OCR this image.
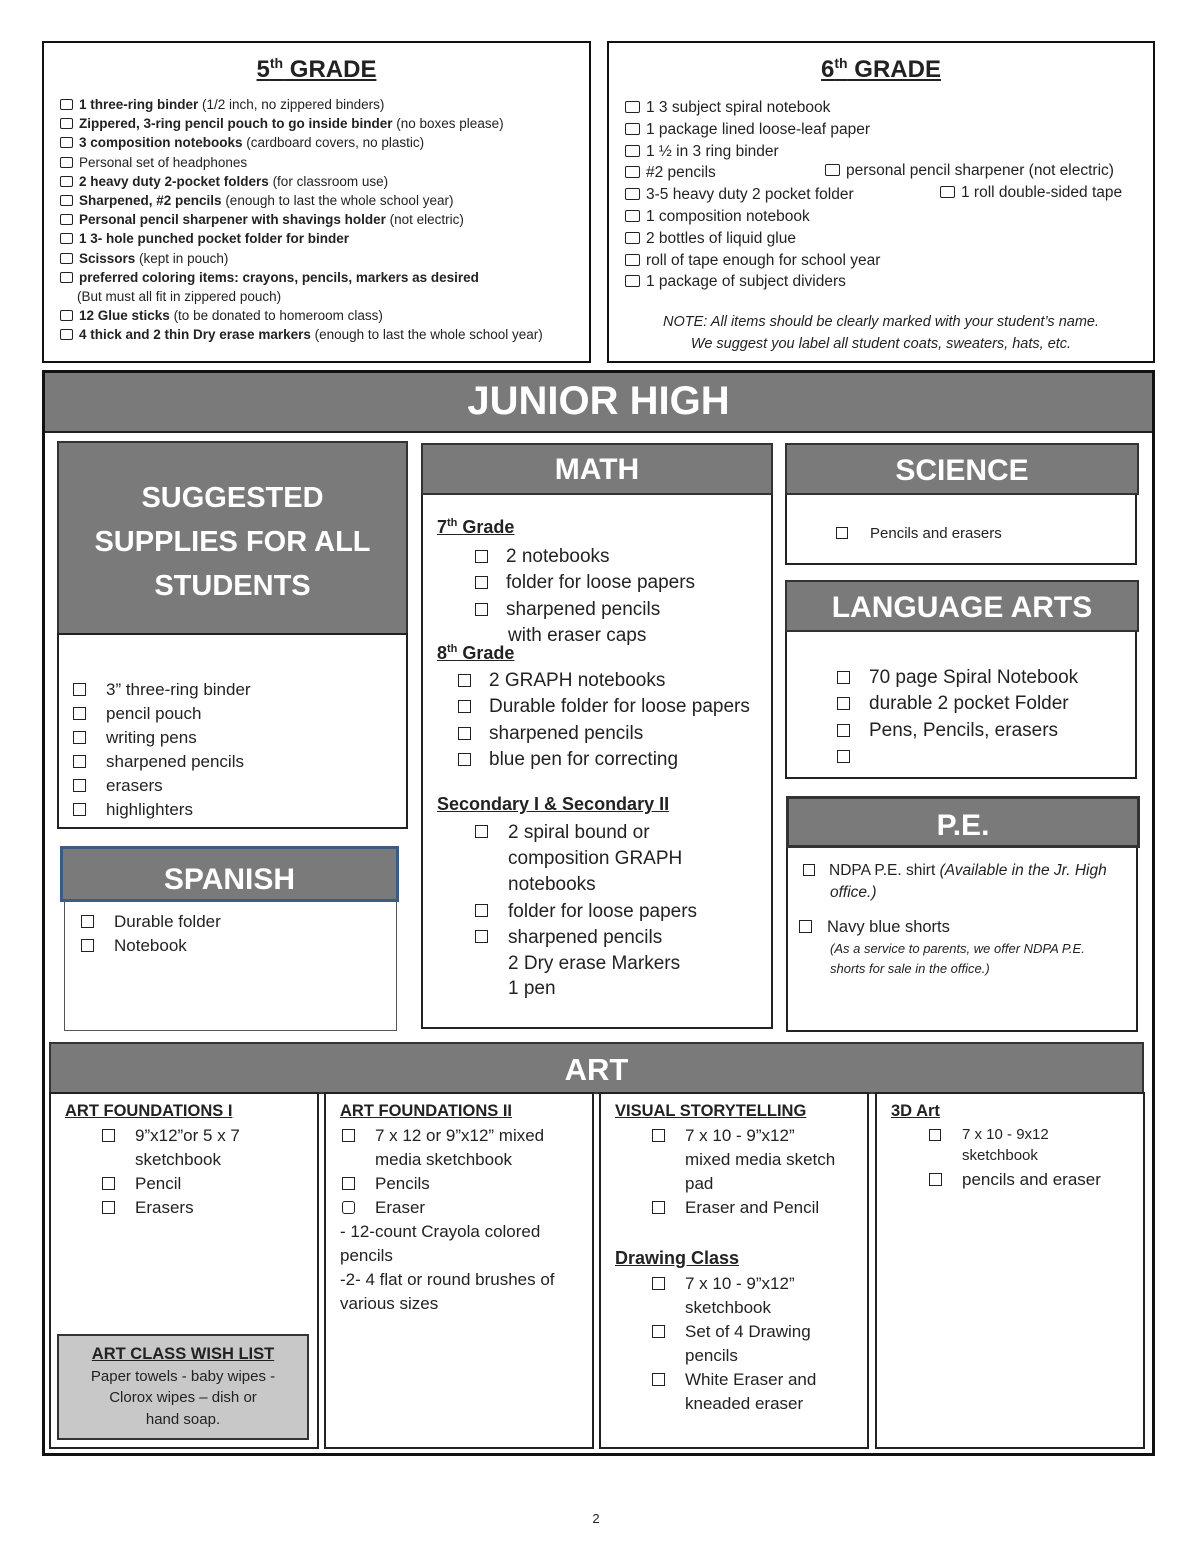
5th GRADE
1 three-ring binder (1/2 inch, no zippered binders)
Zippered, 3-ring pencil pouch to go inside binder (no boxes please)
3 composition notebooks (cardboard covers, no plastic)
Personal set of headphones
2 heavy duty 2-pocket folders (for classroom use)
Sharpened, #2 pencils (enough to last the whole school year)
Personal pencil sharpener with shavings holder (not electric)
1 3- hole punched pocket folder for binder
Scissors (kept in pouch)
preferred coloring items: crayons, pencils, markers as desired
(But must all fit in zippered pouch)
12 Glue sticks (to be donated to homeroom class)
4 thick and 2 thin Dry erase markers (enough to last the whole school year)
6th GRADE
1 3 subject spiral notebook
1 package lined loose-leaf paper
1 ½ in 3 ring binder
#2 pencils
3-5 heavy duty 2 pocket folder
1 composition notebook
2 bottles of liquid glue
roll of tape enough for school year
1 package of subject dividers
personal pencil sharpener (not electric)
1 roll double-sided tape
NOTE: All items should be clearly marked with your student’s name.
We suggest you label all student coats, sweaters, hats, etc.
JUNIOR HIGH
SUGGESTED
SUPPLIES FOR ALL
STUDENTS
3” three-ring binder
pencil pouch
writing pens
sharpened pencils
erasers
highlighters
SPANISH
Durable folder
Notebook
MATH
7th Grade
2 notebooks
folder for loose papers
sharpened pencils
with eraser caps
8th Grade
2 GRAPH notebooks
Durable folder for loose papers
sharpened pencils
blue pen for correcting
Secondary I & Secondary II
2 spiral bound or
composition GRAPH
notebooks
folder for loose papers
sharpened pencils
2 Dry erase Markers
1 pen
SCIENCE
Pencils and erasers
LANGUAGE ARTS
70 page Spiral Notebook
durable 2 pocket Folder
Pens, Pencils, erasers
P.E.
NDPA P.E. shirt (Available in the Jr. High
office.)
Navy blue shorts
(As a service to parents, we offer NDPA P.E.
shorts for sale in the office.)
ART
ART FOUNDATIONS I
9”x12”or 5 x 7
sketchbook
Pencil
Erasers
ART CLASS WISH LIST
Paper towels - baby wipes -
Clorox wipes – dish or
hand soap.
ART FOUNDATIONS II
7 x 12 or 9”x12” mixed
media sketchbook
Pencils
Eraser
- 12-count Crayola colored
pencils
-2- 4 flat or round brushes of
various sizes
VISUAL STORYTELLING
7 x 10 - 9”x12”
mixed media sketch
pad
Eraser and Pencil
Drawing Class
7 x 10 - 9”x12”
sketchbook
Set of 4 Drawing
pencils
White Eraser and
kneaded eraser
3D Art
7 x 10 - 9x12
sketchbook
pencils and eraser
2
